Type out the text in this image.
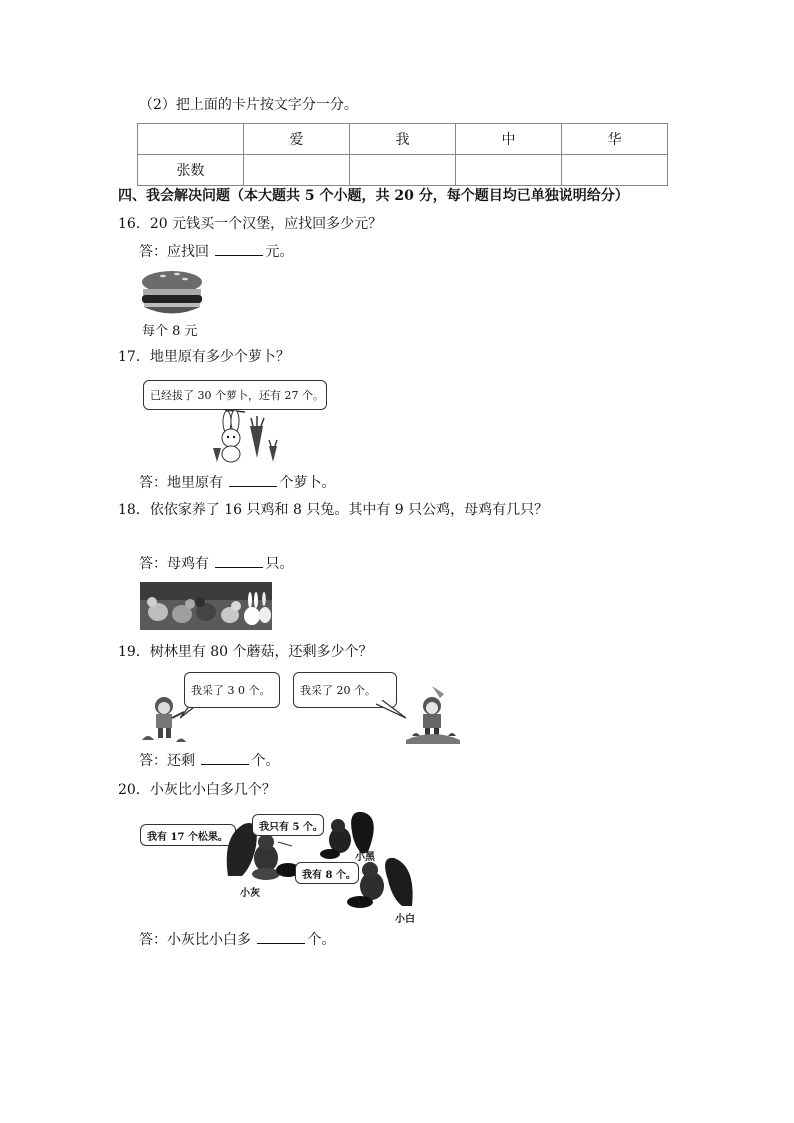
（2）把上面的卡片按文字分一分。
	爱	我	中	华
张数				
四、我会解决问题（本大题共 5 个小题，共 20 分，每个题目均已单独说明给分）
16．20 元钱买一个汉堡，应找回多少元？
答：应找回	元。
每个 8 元
17．地里原有多少个萝卜？
已经拔了 30 个萝卜，还有 27 个。
答：地里原有	个萝卜。
18．依依家养了 16 只鸡和 8 只兔。其中有 9 只公鸡，母鸡有几只？
答：母鸡有	只。
19．树林里有 80 个蘑菇，还剩多少个？
我采了 3 0 个。	我采了 20 个。
答：还剩	个。
20．小灰比小白多几个？
我有 17 个松果。
我只有 5 个。
我有 8 个。
小灰
小黑
小白
答：小灰比小白多	个。
